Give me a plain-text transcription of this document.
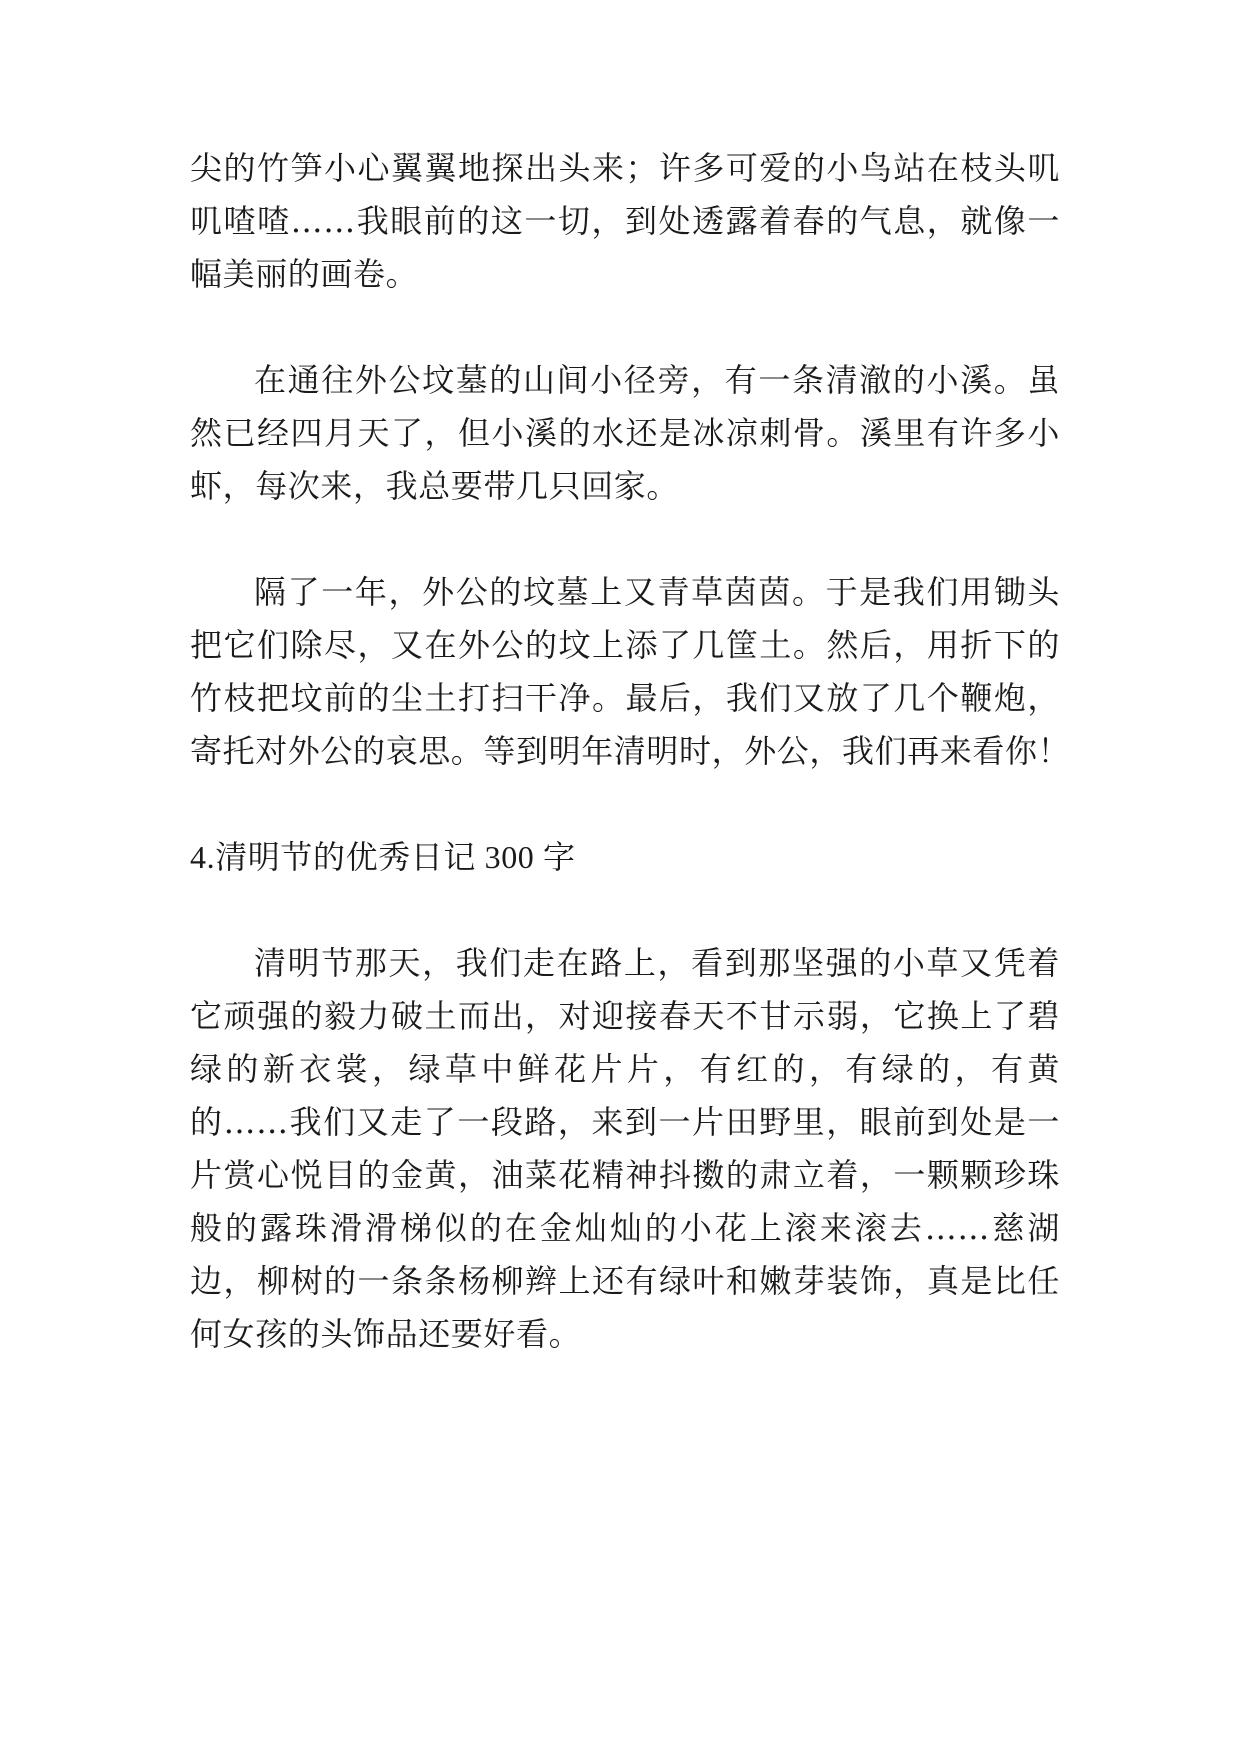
尖的竹笋小心翼翼地探出头来；许多可爱的小鸟站在枝头叽
叽喳喳……我眼前的这一切，到处透露着春的气息，就像一
幅美丽的画卷。
在通往外公坟墓的山间小径旁，有一条清澈的小溪。虽
然已经四月天了，但小溪的水还是冰凉刺骨。溪里有许多小
虾，每次来，我总要带几只回家。
隔了一年，外公的坟墓上又青草茵茵。于是我们用锄头
把它们除尽，又在外公的坟上添了几筐土。然后，用折下的
竹枝把坟前的尘土打扫干净。最后，我们又放了几个鞭炮，
寄托对外公的哀思。等到明年清明时，外公，我们再来看你！
4.清明节的优秀日记 300 字
清明节那天，我们走在路上，看到那坚强的小草又凭着
它顽强的毅力破土而出，对迎接春天不甘示弱，它换上了碧
绿的新衣裳，绿草中鲜花片片，有红的，有绿的，有黄
的……我们又走了一段路，来到一片田野里，眼前到处是一
片赏心悦目的金黄，油菜花精神抖擞的肃立着，一颗颗珍珠
般的露珠滑滑梯似的在金灿灿的小花上滚来滚去……慈湖
边，柳树的一条条杨柳辫上还有绿叶和嫩芽装饰，真是比任
何女孩的头饰品还要好看。
